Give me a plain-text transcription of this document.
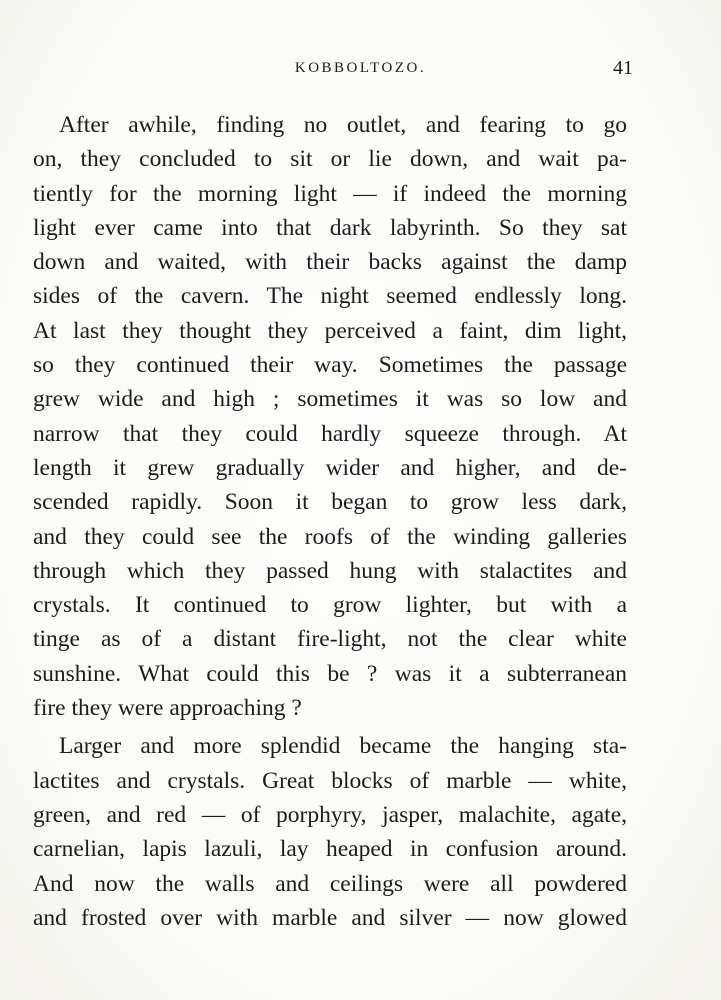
KOBBOLTOZO.	41
After awhile, finding no outlet, and fearing to go
on, they concluded to sit or lie down, and wait pa-
tiently for the morning light — if indeed the morning
light ever came into that dark labyrinth. So they sat
down and waited, with their backs against the damp
sides of the cavern. The night seemed endlessly long.
At last they thought they perceived a faint, dim light,
so they continued their way. Sometimes the passage
grew wide and high ; sometimes it was so low and
narrow that they could hardly squeeze through. At
length it grew gradually wider and higher, and de-
scended rapidly. Soon it began to grow less dark,
and they could see the roofs of the winding galleries
through which they passed hung with stalactites and
crystals. It continued to grow lighter, but with a
tinge as of a distant fire-light, not the clear white
sunshine. What could this be ? was it a subterranean
fire they were approaching ?
Larger and more splendid became the hanging sta-
lactites and crystals. Great blocks of marble — white,
green, and red — of porphyry, jasper, malachite, agate,
carnelian, lapis lazuli, lay heaped in confusion around.
And now the walls and ceilings were all powdered
and frosted over with marble and silver — now glowed
